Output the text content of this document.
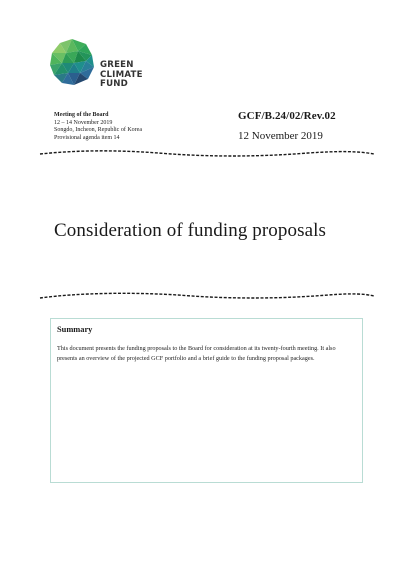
GREEN
CLIMATE
FUND
Meeting of the Board
12 – 14 November 2019
Songdo, Incheon, Republic of Korea
Provisional agenda item 14
GCF/B.24/02/Rev.02
12 November 2019
Consideration of funding proposals
Summary
This document presents the funding proposals to the Board for consideration at its twenty-fourth meeting. It also presents an overview of the projected GCF portfolio and a brief guide to the funding proposal packages.
